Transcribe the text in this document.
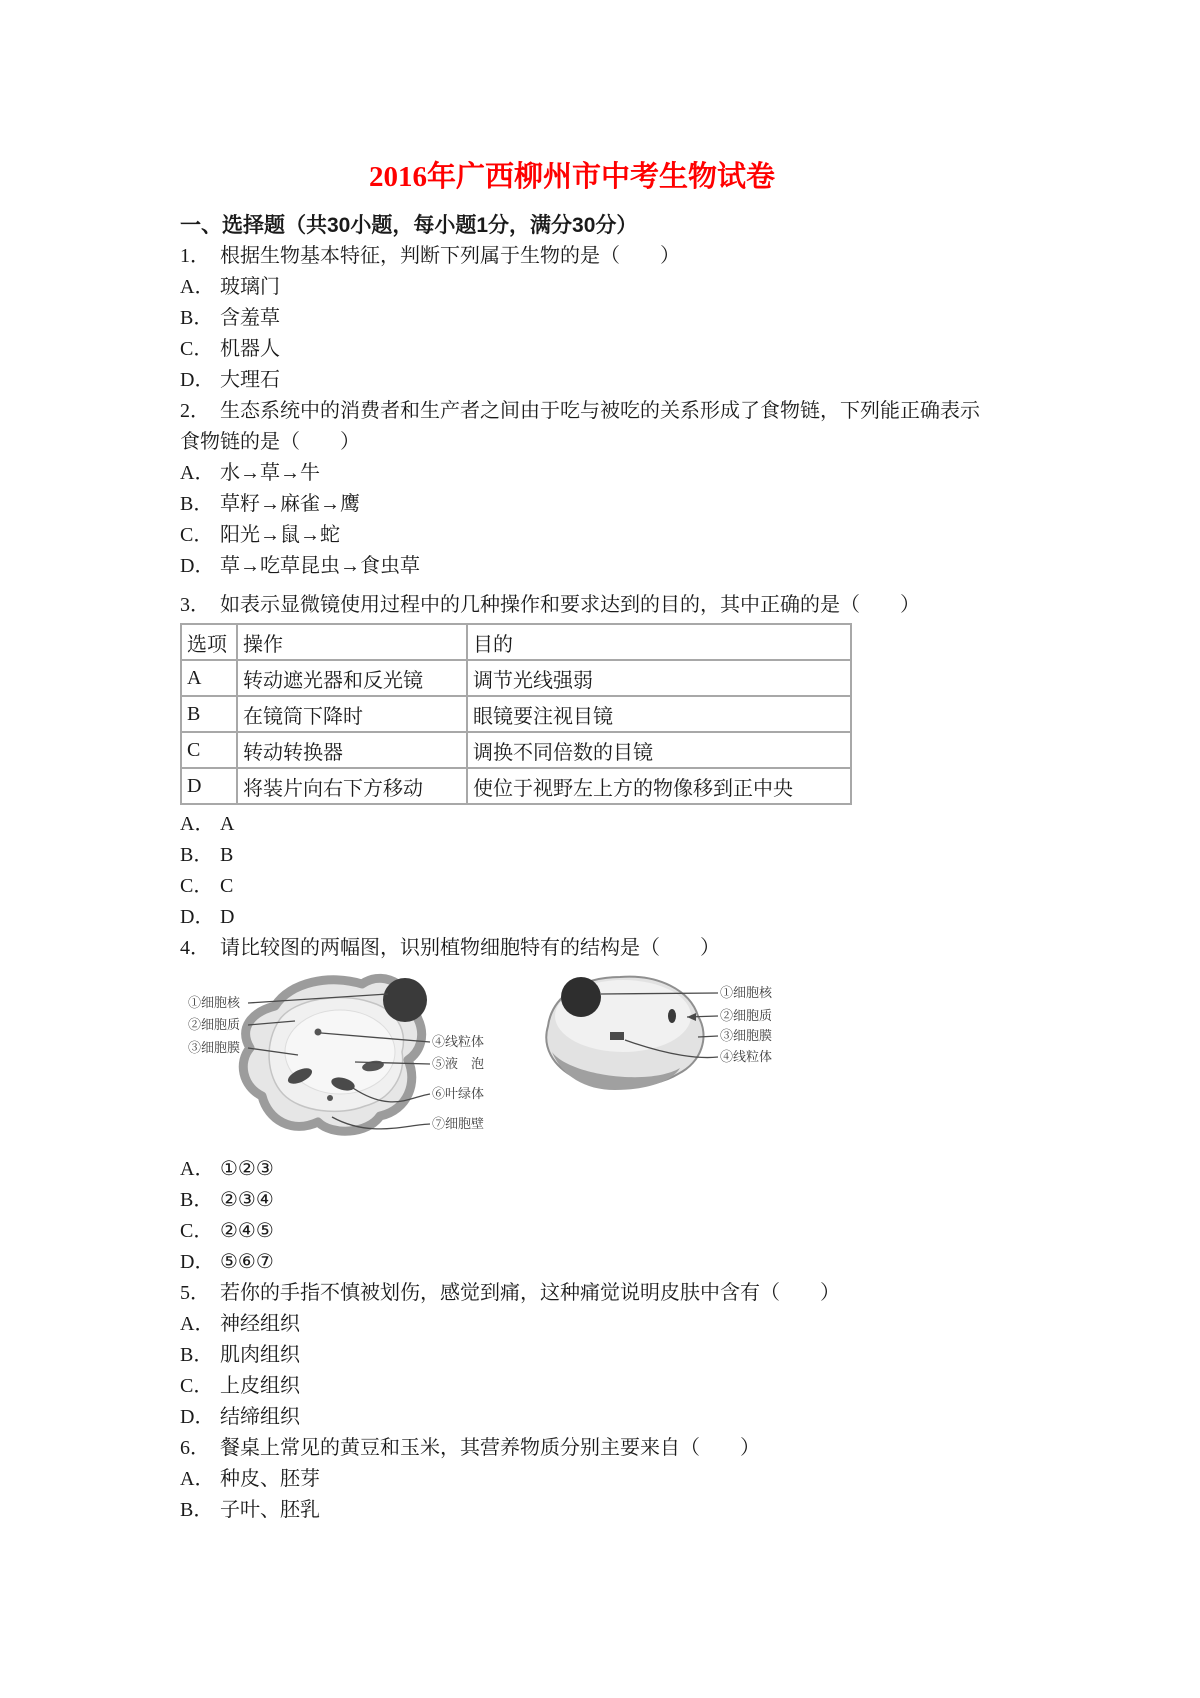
2016年广西柳州市中考生物试卷
一、选择题（共30小题，每小题1分，满分30分）
1． 根据生物基本特征，判断下列属于生物的是（　　）
A． 玻璃门
B． 含羞草
C． 机器人
D． 大理石
2． 生态系统中的消费者和生产者之间由于吃与被吃的关系形成了食物链，下列能正确表示
食物链的是（　　）
A． 水→草→牛
B． 草籽→麻雀→鹰
C． 阳光→鼠→蛇
D． 草→吃草昆虫→食虫草
3． 如表示显微镜使用过程中的几种操作和要求达到的目的，其中正确的是（　　）
选项	操作	目的
A	转动遮光器和反光镜	调节光线强弱
B	在镜筒下降时	眼镜要注视目镜
C	转动转换器	调换不同倍数的目镜
D	将装片向右下方移动	使位于视野左上方的物像移到正中央
A． A
B． B
C． C
D． D
4． 请比较图的两幅图，识别植物细胞特有的结构是（　　）
①细胞核
②细胞质
③细胞膜	④线粒体
⑤液　泡
⑥叶绿体
⑦细胞壁
①细胞核
②细胞质
③细胞膜
④线粒体
A． ①②③
B． ②③④
C． ②④⑤
D． ⑤⑥⑦
5． 若你的手指不慎被划伤，感觉到痛，这种痛觉说明皮肤中含有（　　）
A． 神经组织
B． 肌肉组织
C． 上皮组织
D． 结缔组织
6． 餐桌上常见的黄豆和玉米，其营养物质分别主要来自（　　）
A． 种皮、胚芽
B． 子叶、胚乳
